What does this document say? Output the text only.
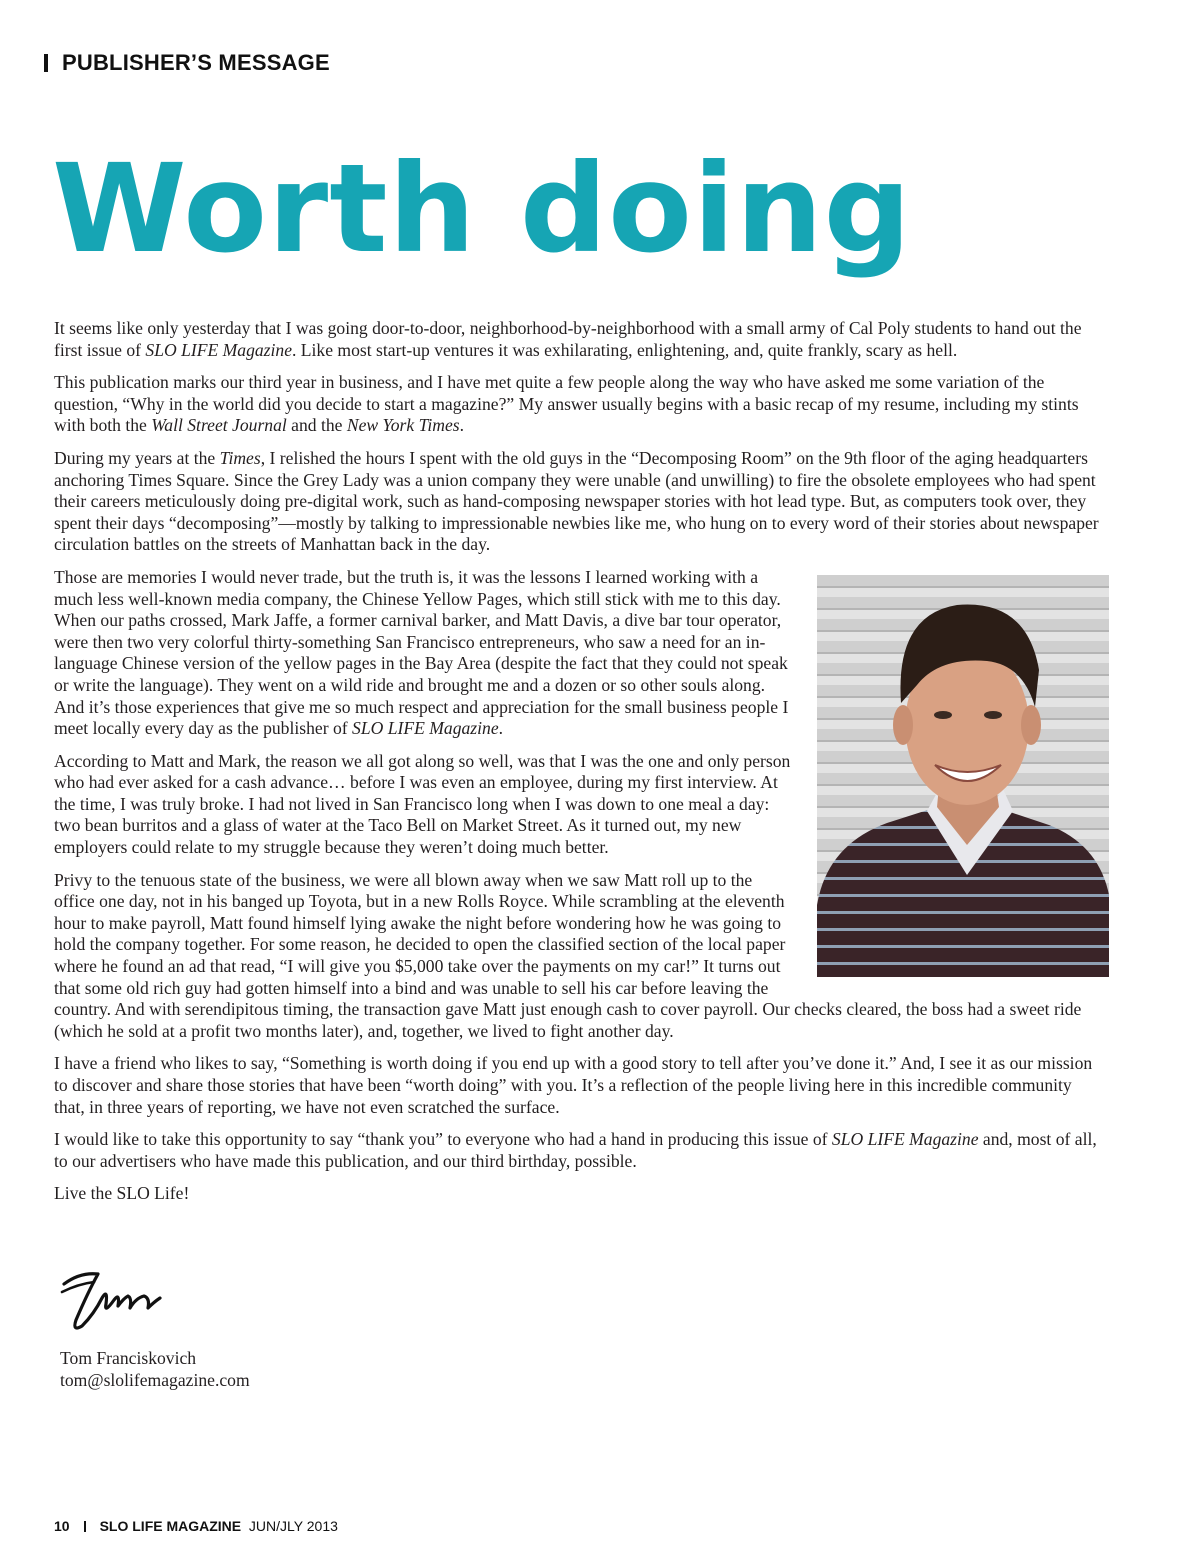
PUBLISHER’S MESSAGE
Worth doing

It seems like only yesterday that I was going door-to-door, neighborhood-by-neighborhood with a small army of Cal Poly students to hand out the first issue of SLO LIFE Magazine. Like most start-up ventures it was exhilarating, enlightening, and, quite frankly, scary as hell.

This publication marks our third year in business, and I have met quite a few people along the way who have asked me some variation of the question, “Why in the world did you decide to start a magazine?” My answer usually begins with a basic recap of my resume, including my stints with both the Wall Street Journal and the New York Times.

During my years at the Times, I relished the hours I spent with the old guys in the “Decomposing Room” on the 9th floor of the aging headquarters anchoring Times Square. Since the Grey Lady was a union company they were unable (and unwilling) to fire the obsolete employees who had spent their careers meticulously doing pre-digital work, such as hand-composing newspaper stories with hot lead type. But, as computers took over, they spent their days “decomposing”—mostly by talking to impressionable newbies like me, who hung on to every word of their stories about newspaper circulation battles on the streets of Manhattan back in the day.

Those are memories I would never trade, but the truth is, it was the lessons I learned working with a much less well-known media company, the Chinese Yellow Pages, which still stick with me to this day. When our paths crossed, Mark Jaffe, a former carnival barker, and Matt Davis, a dive bar tour operator, were then two very colorful thirty-something San Francisco entrepreneurs, who saw a need for an in-language Chinese version of the yellow pages in the Bay Area (despite the fact that they could not speak or write the language). They went on a wild ride and brought me and a dozen or so other souls along. And it’s those experiences that give me so much respect and appreciation for the small business people I meet locally every day as the publisher of SLO LIFE Magazine.

According to Matt and Mark, the reason we all got along so well, was that I was the one and only person who had ever asked for a cash advance… before I was even an employee, during my first interview. At the time, I was truly broke. I had not lived in San Francisco long when I was down to one meal a day: two bean burritos and a glass of water at the Taco Bell on Market Street. As it turned out, my new employers could relate to my struggle because they weren’t doing much better.

Privy to the tenuous state of the business, we were all blown away when we saw Matt roll up to the office one day, not in his banged up Toyota, but in a new Rolls Royce. While scrambling at the eleventh hour to make payroll, Matt found himself lying awake the night before wondering how he was going to hold the company together. For some reason, he decided to open the classified section of the local paper where he found an ad that read, “I will give you $5,000 take over the payments on my car!” It turns out that some old rich guy had gotten himself into a bind and was unable to sell his car before leaving the country. And with serendipitous timing, the transaction gave Matt just enough cash to cover payroll. Our checks cleared, the boss had a sweet ride (which he sold at a profit two months later), and, together, we lived to fight another day.

I have a friend who likes to say, “Something is worth doing if you end up with a good story to tell after you’ve done it.” And, I see it as our mission to discover and share those stories that have been “worth doing” with you. It’s a reflection of the people living here in this incredible community that, in three years of reporting, we have not even scratched the surface.

I would like to take this opportunity to say “thank you” to everyone who had a hand in producing this issue of SLO LIFE Magazine and, most of all, to our advertisers who have made this publication, and our third birthday, possible.

Live the SLO Life!

Tom Franciskovich
tom@slolifemagazine.com
10 SLO LIFE MAGAZINE JUN/JLY 2013
